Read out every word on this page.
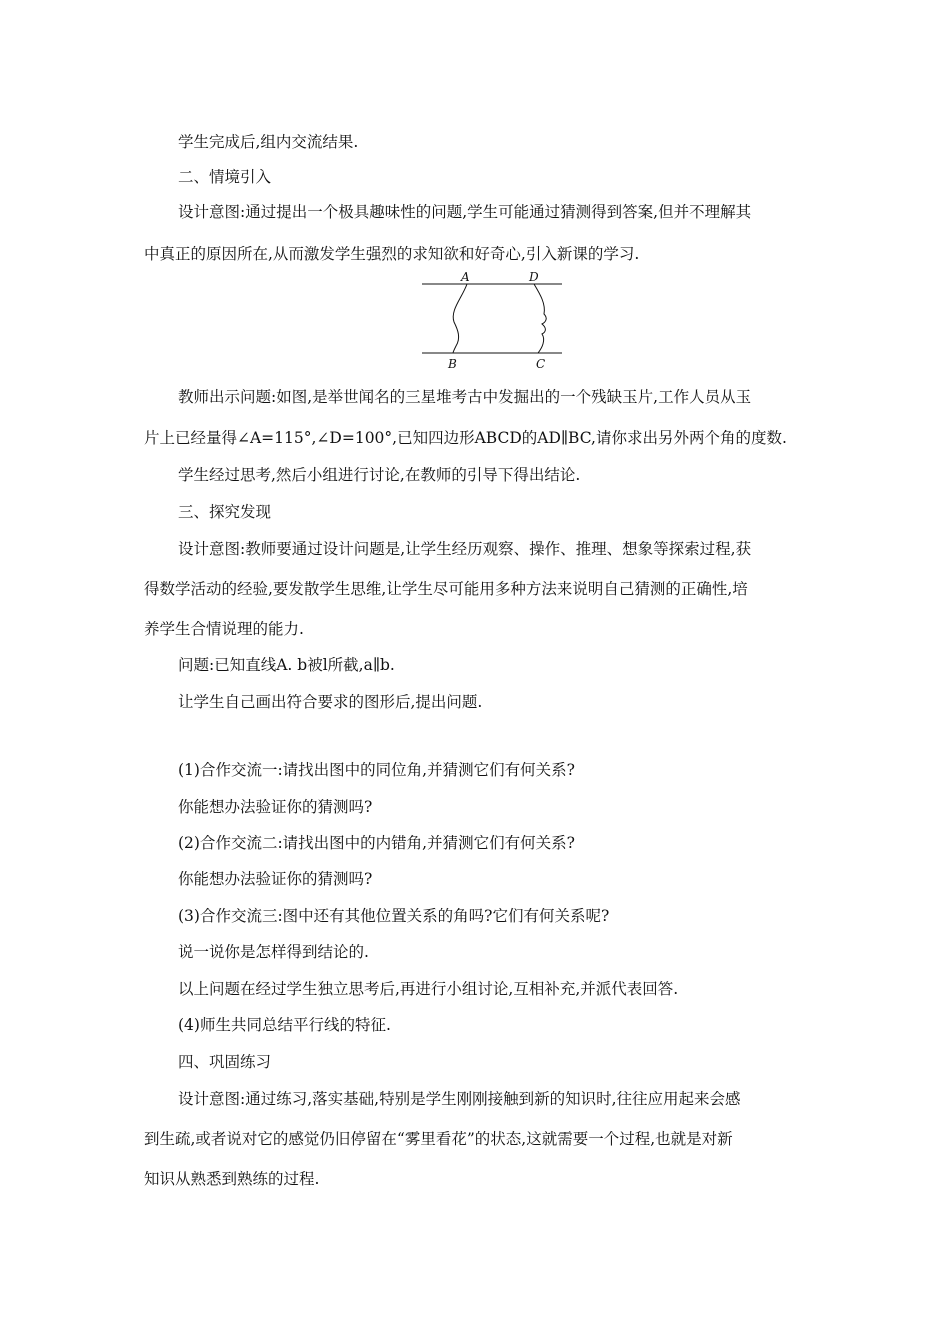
学生完成后,组内交流结果.
二、情境引入
设计意图:通过提出一个极具趣味性的问题,学生可能通过猜测得到答案,但并不理解其
中真正的原因所在,从而激发学生强烈的求知欲和好奇心,引入新课的学习.
A	D
B	C
教师出示问题:如图,是举世闻名的三星堆考古中发掘出的一个残缺玉片,工作人员从玉
片上已经量得∠A=115°,∠D=100°,已知四边形ABCD的AD∥BC,请你求出另外两个角的度数.
学生经过思考,然后小组进行讨论,在教师的引导下得出结论.
三、探究发现
设计意图:教师要通过设计问题是,让学生经历观察、操作、推理、想象等探索过程,获
得数学活动的经验,要发散学生思维,让学生尽可能用多种方法来说明自己猜测的正确性,培
养学生合情说理的能力.
问题:已知直线A. b被l所截,a∥b.
让学生自己画出符合要求的图形后,提出问题.
(1)合作交流一:请找出图中的同位角,并猜测它们有何关系?
你能想办法验证你的猜测吗?
(2)合作交流二:请找出图中的内错角,并猜测它们有何关系?
你能想办法验证你的猜测吗?
(3)合作交流三:图中还有其他位置关系的角吗?它们有何关系呢?
说一说你是怎样得到结论的.
以上问题在经过学生独立思考后,再进行小组讨论,互相补充,并派代表回答.
(4)师生共同总结平行线的特征.
四、巩固练习
设计意图:通过练习,落实基础,特别是学生刚刚接触到新的知识时,往往应用起来会感
到生疏,或者说对它的感觉仍旧停留在“雾里看花”的状态,这就需要一个过程,也就是对新
知识从熟悉到熟练的过程.
